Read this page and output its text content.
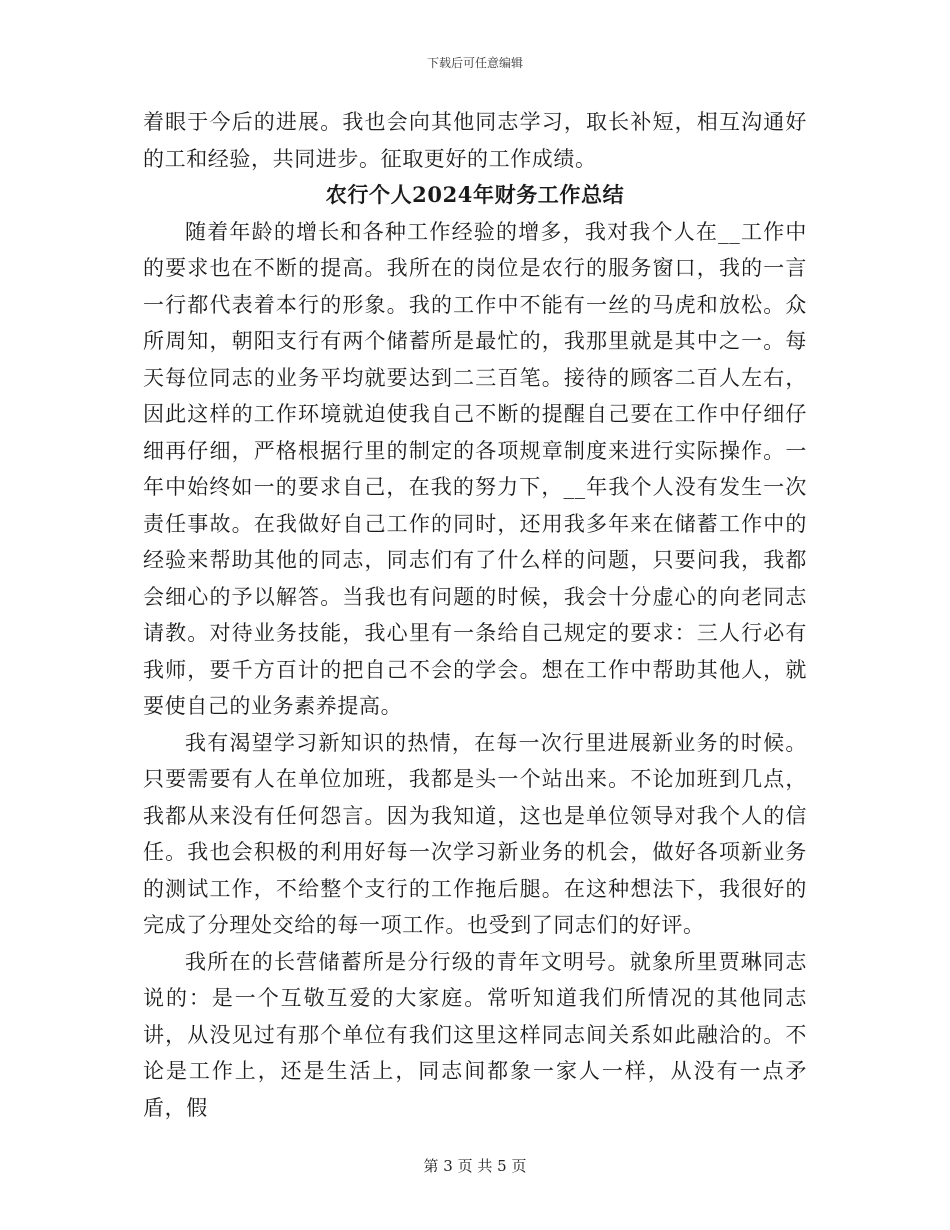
下载后可任意编辑

着眼于今后的进展。我也会向其他同志学习，取长补短，相互沟通好的工和经验，共同进步。征取更好的工作成绩。

农行个人2024年财务工作总结

随着年龄的增长和各种工作经验的增多，我对我个人在__工作中的要求也在不断的提高。我所在的岗位是农行的服务窗口，我的一言一行都代表着本行的形象。我的工作中不能有一丝的马虎和放松。众所周知，朝阳支行有两个储蓄所是最忙的，我那里就是其中之一。每天每位同志的业务平均就要达到二三百笔。接待的顾客二百人左右，因此这样的工作环境就迫使我自己不断的提醒自己要在工作中仔细仔细再仔细，严格根据行里的制定的各项规章制度来进行实际操作。一年中始终如一的要求自己，在我的努力下，__年我个人没有发生一次责任事故。在我做好自己工作的同时，还用我多年来在储蓄工作中的经验来帮助其他的同志，同志们有了什么样的问题，只要问我，我都会细心的予以解答。当我也有问题的时候，我会十分虚心的向老同志请教。对待业务技能，我心里有一条给自己规定的要求：三人行必有我师，要千方百计的把自己不会的学会。想在工作中帮助其他人，就要使自己的业务素养提高。

我有渴望学习新知识的热情，在每一次行里进展新业务的时候。只要需要有人在单位加班，我都是头一个站出来。不论加班到几点，我都从来没有任何怨言。因为我知道，这也是单位领导对我个人的信任。我也会积极的利用好每一次学习新业务的机会，做好各项新业务的测试工作，不给整个支行的工作拖后腿。在这种想法下，我很好的完成了分理处交给的每一项工作。也受到了同志们的好评。

我所在的长营储蓄所是分行级的青年文明号。就象所里贾琳同志说的：是一个互敬互爱的大家庭。常听知道我们所情况的其他同志讲，从没见过有那个单位有我们这里这样同志间关系如此融洽的。不论是工作上，还是生活上，同志间都象一家人一样，从没有一点矛盾，假

第 3 页 共 5 页
